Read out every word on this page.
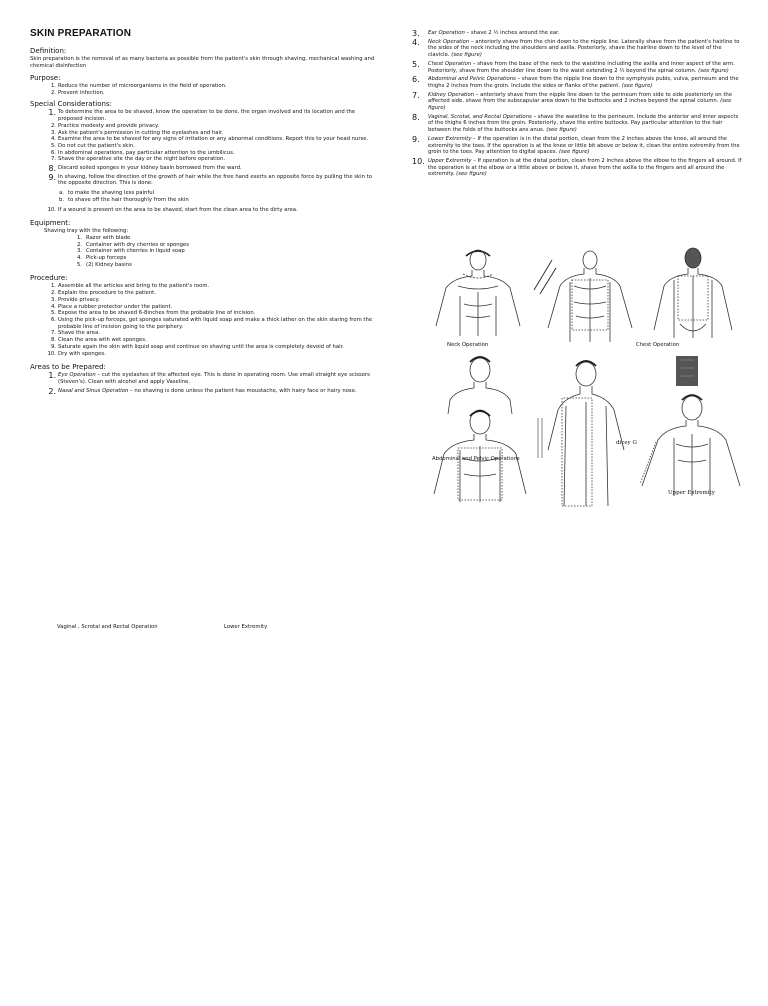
SKIN PREPARATION
Definition:
Skin preparation is the removal of as many bacteria as possible from the patient's skin through shaving, mechanical washing and chemical disinfection
Purpose:
1. Reduce the number of microorganisms in the field of operation.
2. Prevent infection.
Special Considerations:
1. To determine the area to be shaved, know the operation to be done, the organ involved and its location and the proposed incision.
2. Practice modesty and provide privacy.
3. Ask the patient's permission in cutting the eyelashes and hair.
4. Examine the area to be shaved for any signs of irritation or any abnormal conditions. Report this to your head nurse.
5. Do not cut the patient's skin.
6. In abdominal operations, pay particular attention to the umbilicus.
7. Shave the operative site the day or the night before operation.
8. Discard soiled sponges in your kidney basin borrowed from the ward.
9. In shaving, follow the direction of the growth of hair while the free hand exerts an opposite force by pulling the skin to the opposite direction. This is done:
a. to make the shaving less painful
b. to shave off the hair thoroughly from the skin
10. If a wound is present on the area to be shaved, start from the clean area to the dirty area.
Equipment:
Shaving tray with the following:
1. Razor with blade
2. Container with dry cherries or sponges
3. Container with cherries in liquid soap
4. Pick-up forceps
5. (2) Kidney basins
Procedure:
1. Assemble all the articles and bring to the patient's room.
2. Explain the procedure to the patient.
3. Provide privacy.
4. Place a rubber protector under the patient.
5. Expose the area to be shaved 6-8inches from the probable line of incision.
6. Using the pick-up forceps, get sponges saturated with liquid soap and make a thick lather on the skin staring from the probable line of incision going to the periphery.
7. Shave the area.
8. Clean the area with wet sponges.
9. Saturate again the skin with liquid soap and continue on shaving until the area is completely devoid of hair.
10. Dry with sponges.
Areas to be Prepared:
1. Eye Operation – cut the eyelashes of the affected eye. This is done in operating room. Use small straight eye scissors (Steven's). Clean with alcohol and apply Vaseline.
2. Nasal and Sinus Operation – no shaving is done unless the patient has moustache, with hairy face or hairy nose.
3.	Ear Operation – shave 2 ½ inches around the ear.
4.	Neck Operation – anteriorly shave from the chin down to the nipple line. Laterally shave from the patient's hairline to the sides of the neck including the shoulders and axilla. Posteriorly, shave the hairline down to the level of the clavicle. (see figure)
5.	Chest Operation – shave from the base of the neck to the waistline including the axilla and inner aspect of the arm. Posteriorly, shave from the shoulder line down to the waist extending 2 ½ beyond the spinal column. (see figure)
6.	Abdominal and Pelvic Operations – shave from the nipple line down to the symphysis pubis, vulva, perineum and the thighs 2 inches from the groin. Include the sides or flanks of the patient. (see figure)
7.	Kidney Operation – anteriorly shave from the nipple line down to the perineum from side to side posteriorly on the affected side, shave from the subscapular area down to the buttocks and 2 inches beyond the spinal column. (see figure)
8.	Vaginal, Scrotal, and Rectal Operations – shave the waistline to the perineum. Include the anterior and inner aspects of the thighs 6 inches from the groin. Posteriorly, shave the entire buttocks. Pay particular attention to the hair between the folds of the buttocks ans anus. (see figure)
9.	Lower Extremity – If the operation is in the distal portion, clean from the 2 inches above the knee, all around the extremity to the toes. If the operation is at the knee or little bit above or below it, clean the entire extremity from the groin to the toes. Pay attention to digital spaces. (see figure)
10. Upper Extremity – If operation is at the distal portion, clean from 2 inches above the elbow to the fingers all around. If the operation is at the elbow or a little above or below it, shave from the axilla to the fingers and all around the extremity. (see figure)
Neck Operation	Chest Operation
dicey G
Abdominal and Pelvic Operations
Upper Extremity
Vaginal , Scrotal and Rectal Operation	Lower Extremity
